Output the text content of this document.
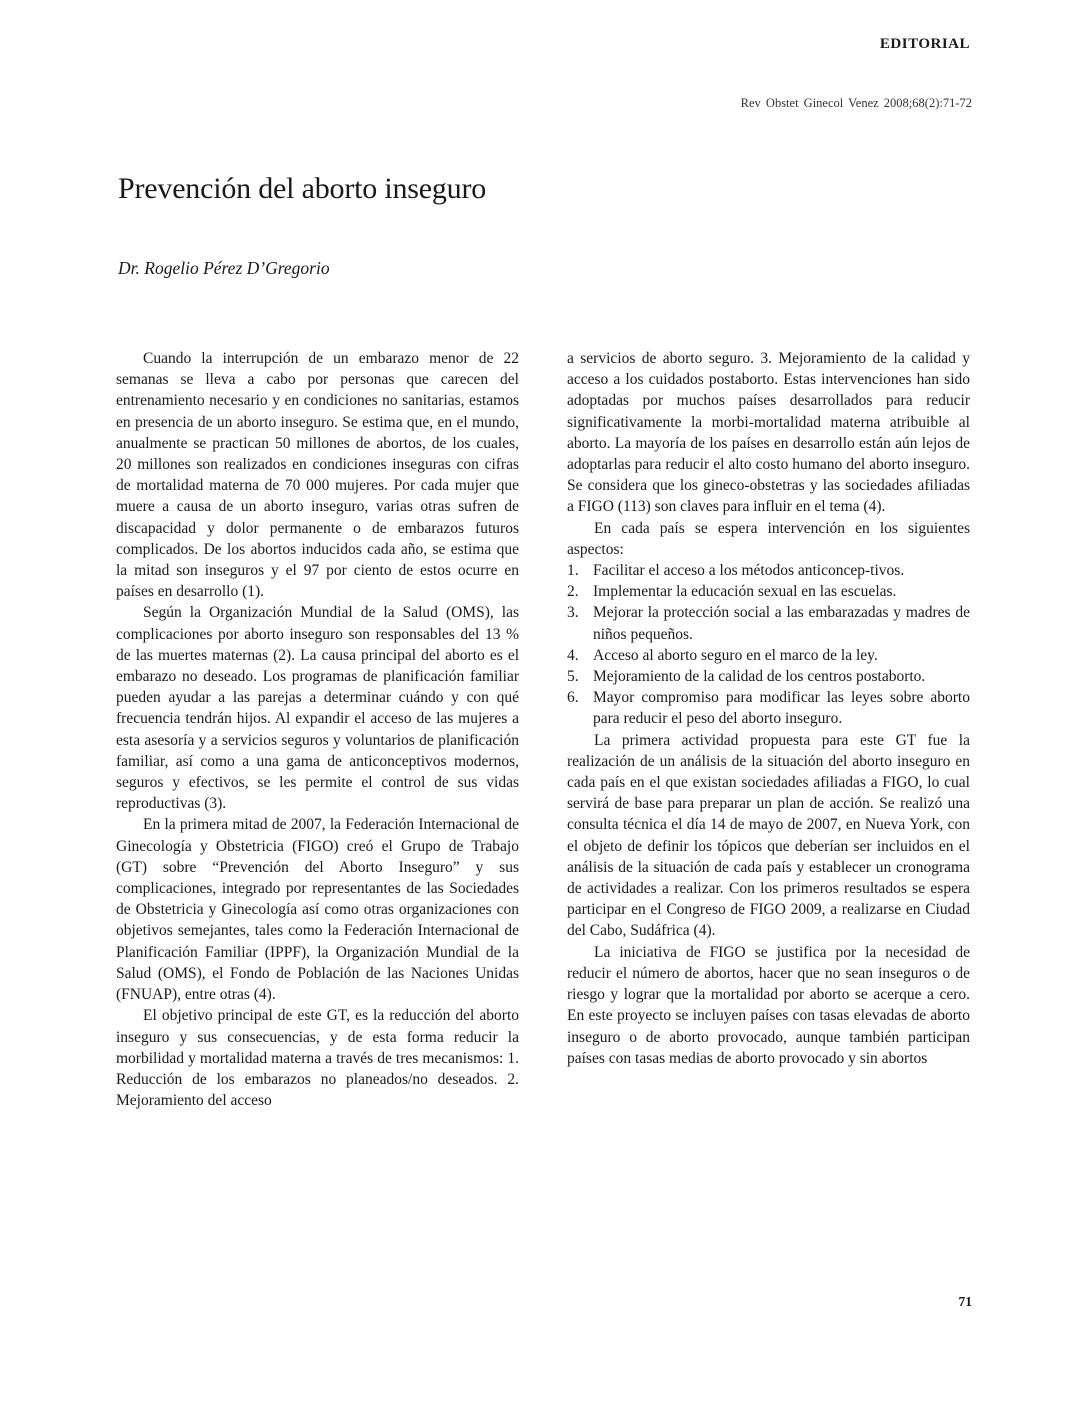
EDITORIAL
Rev Obstet Ginecol Venez 2008;68(2):71-72
Prevención del aborto inseguro
Dr. Rogelio Pérez D’Gregorio

Cuando la interrupción de un embarazo menor de 22 semanas se lleva a cabo por personas que carecen del entrenamiento necesario y en condiciones no sanitarias, estamos en presencia de un aborto inseguro. Se estima que, en el mundo, anualmente se practican 50 millones de abortos, de los cuales, 20 millones son realizados en condiciones inseguras con cifras de mortalidad materna de 70 000 mujeres. Por cada mujer que muere a causa de un aborto inseguro, varias otras sufren de discapacidad y dolor permanente o de embarazos futuros complicados. De los abortos inducidos cada año, se estima que la mitad son inseguros y el 97 por ciento de estos ocurre en países en desarrollo (1).

Según la Organización Mundial de la Salud (OMS), las complicaciones por aborto inseguro son responsables del 13 % de las muertes maternas (2). La causa principal del aborto es el embarazo no deseado. Los programas de planificación familiar pueden ayudar a las parejas a determinar cuándo y con qué frecuencia tendrán hijos. Al expandir el acceso de las mujeres a esta asesoría y a servicios seguros y voluntarios de planificación familiar, así como a una gama de anticonceptivos modernos, seguros y efectivos, se les permite el control de sus vidas reproductivas (3).

En la primera mitad de 2007, la Federación Internacional de Ginecología y Obstetricia (FIGO) creó el Grupo de Trabajo (GT) sobre “Prevención del Aborto Inseguro” y sus complicaciones, integrado por representantes de las Sociedades de Obstetricia y Ginecología así como otras organizaciones con objetivos semejantes, tales como la Federación Internacional de Planificación Familiar (IPPF), la Organización Mundial de la Salud (OMS), el Fondo de Población de las Naciones Unidas (FNUAP), entre otras (4).

El objetivo principal de este GT, es la reducción del aborto inseguro y sus consecuencias, y de esta forma reducir la morbilidad y mortalidad materna a través de tres mecanismos: 1. Reducción de los embarazos no planeados/no deseados. 2. Mejoramiento del acceso

a servicios de aborto seguro. 3. Mejoramiento de la calidad y acceso a los cuidados postaborto. Estas intervenciones han sido adoptadas por muchos países desarrollados para reducir significativamente la morbi-mortalidad materna atribuible al aborto. La mayoría de los países en desarrollo están aún lejos de adoptarlas para reducir el alto costo humano del aborto inseguro. Se considera que los gineco-obstetras y las sociedades afiliadas a FIGO (113) son claves para influir en el tema (4).

En cada país se espera intervención en los siguientes aspectos:

1. Facilitar el acceso a los métodos anticoncep-tivos.
2. Implementar la educación sexual en las escuelas.
3. Mejorar la protección social a las embarazadas y madres de niños pequeños.
4. Acceso al aborto seguro en el marco de la ley.
5. Mejoramiento de la calidad de los centros postaborto.
6. Mayor compromiso para modificar las leyes sobre aborto para reducir el peso del aborto inseguro.

La primera actividad propuesta para este GT fue la realización de un análisis de la situación del aborto inseguro en cada país en el que existan sociedades afiliadas a FIGO, lo cual servirá de base para preparar un plan de acción. Se realizó una consulta técnica el día 14 de mayo de 2007, en Nueva York, con el objeto de definir los tópicos que deberían ser incluidos en el análisis de la situación de cada país y establecer un cronograma de actividades a realizar. Con los primeros resultados se espera participar en el Congreso de FIGO 2009, a realizarse en Ciudad del Cabo, Sudáfrica (4).

La iniciativa de FIGO se justifica por la necesidad de reducir el número de abortos, hacer que no sean inseguros o de riesgo y lograr que la mortalidad por aborto se acerque a cero. En este proyecto se incluyen países con tasas elevadas de aborto inseguro o de aborto provocado, aunque también participan países con tasas medias de aborto provocado y sin abortos

71
